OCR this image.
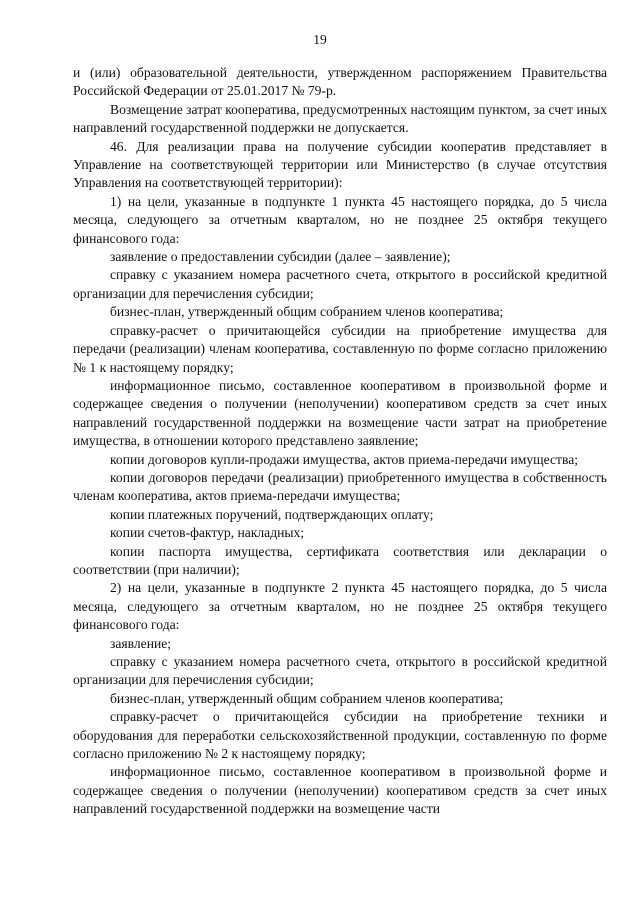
19

и (или) образовательной деятельности, утвержденном распоряжением Правительства Российской Федерации от 25.01.2017 № 79-р.

Возмещение затрат кооператива, предусмотренных настоящим пунктом, за счет иных направлений государственной поддержки не допускается.

46. Для реализации права на получение субсидии кооператив представляет в Управление на соответствующей территории или Министерство (в случае отсутствия Управления на соответствующей территории):

1) на цели, указанные в подпункте 1 пункта 45 настоящего порядка, до 5 числа месяца, следующего за отчетным кварталом, но не позднее 25 октября текущего финансового года:

заявление о предоставлении субсидии (далее – заявление);

справку с указанием номера расчетного счета, открытого в российской кредитной организации для перечисления субсидии;

бизнес-план, утвержденный общим собранием членов кооператива;

справку-расчет о причитающейся субсидии на приобретение имущества для передачи (реализации) членам кооператива, составленную по форме согласно приложению № 1 к настоящему порядку;

информационное письмо, составленное кооперативом в произвольной форме и содержащее сведения о получении (неполучении) кооперативом средств за счет иных направлений государственной поддержки на возмещение части затрат на приобретение имущества, в отношении которого представлено заявление;

копии договоров купли-продажи имущества, актов приема-передачи имущества;

копии договоров передачи (реализации) приобретенного имущества в собственность членам кооператива, актов приема-передачи имущества;

копии платежных поручений, подтверждающих оплату;

копии счетов-фактур, накладных;

копии паспорта имущества, сертификата соответствия или декларации о соответствии (при наличии);

2) на цели, указанные в подпункте 2 пункта 45 настоящего порядка, до 5 числа месяца, следующего за отчетным кварталом, но не позднее 25 октября текущего финансового года:

заявление;

справку с указанием номера расчетного счета, открытого в российской кредитной организации для перечисления субсидии;

бизнес-план, утвержденный общим собранием членов кооператива;

справку-расчет о причитающейся субсидии на приобретение техники и оборудования для переработки сельскохозяйственной продукции, составленную по форме согласно приложению № 2 к настоящему порядку;

информационное письмо, составленное кооперативом в произвольной форме и содержащее сведения о получении (неполучении) кооперативом средств за счет иных направлений государственной поддержки на возмещение части
